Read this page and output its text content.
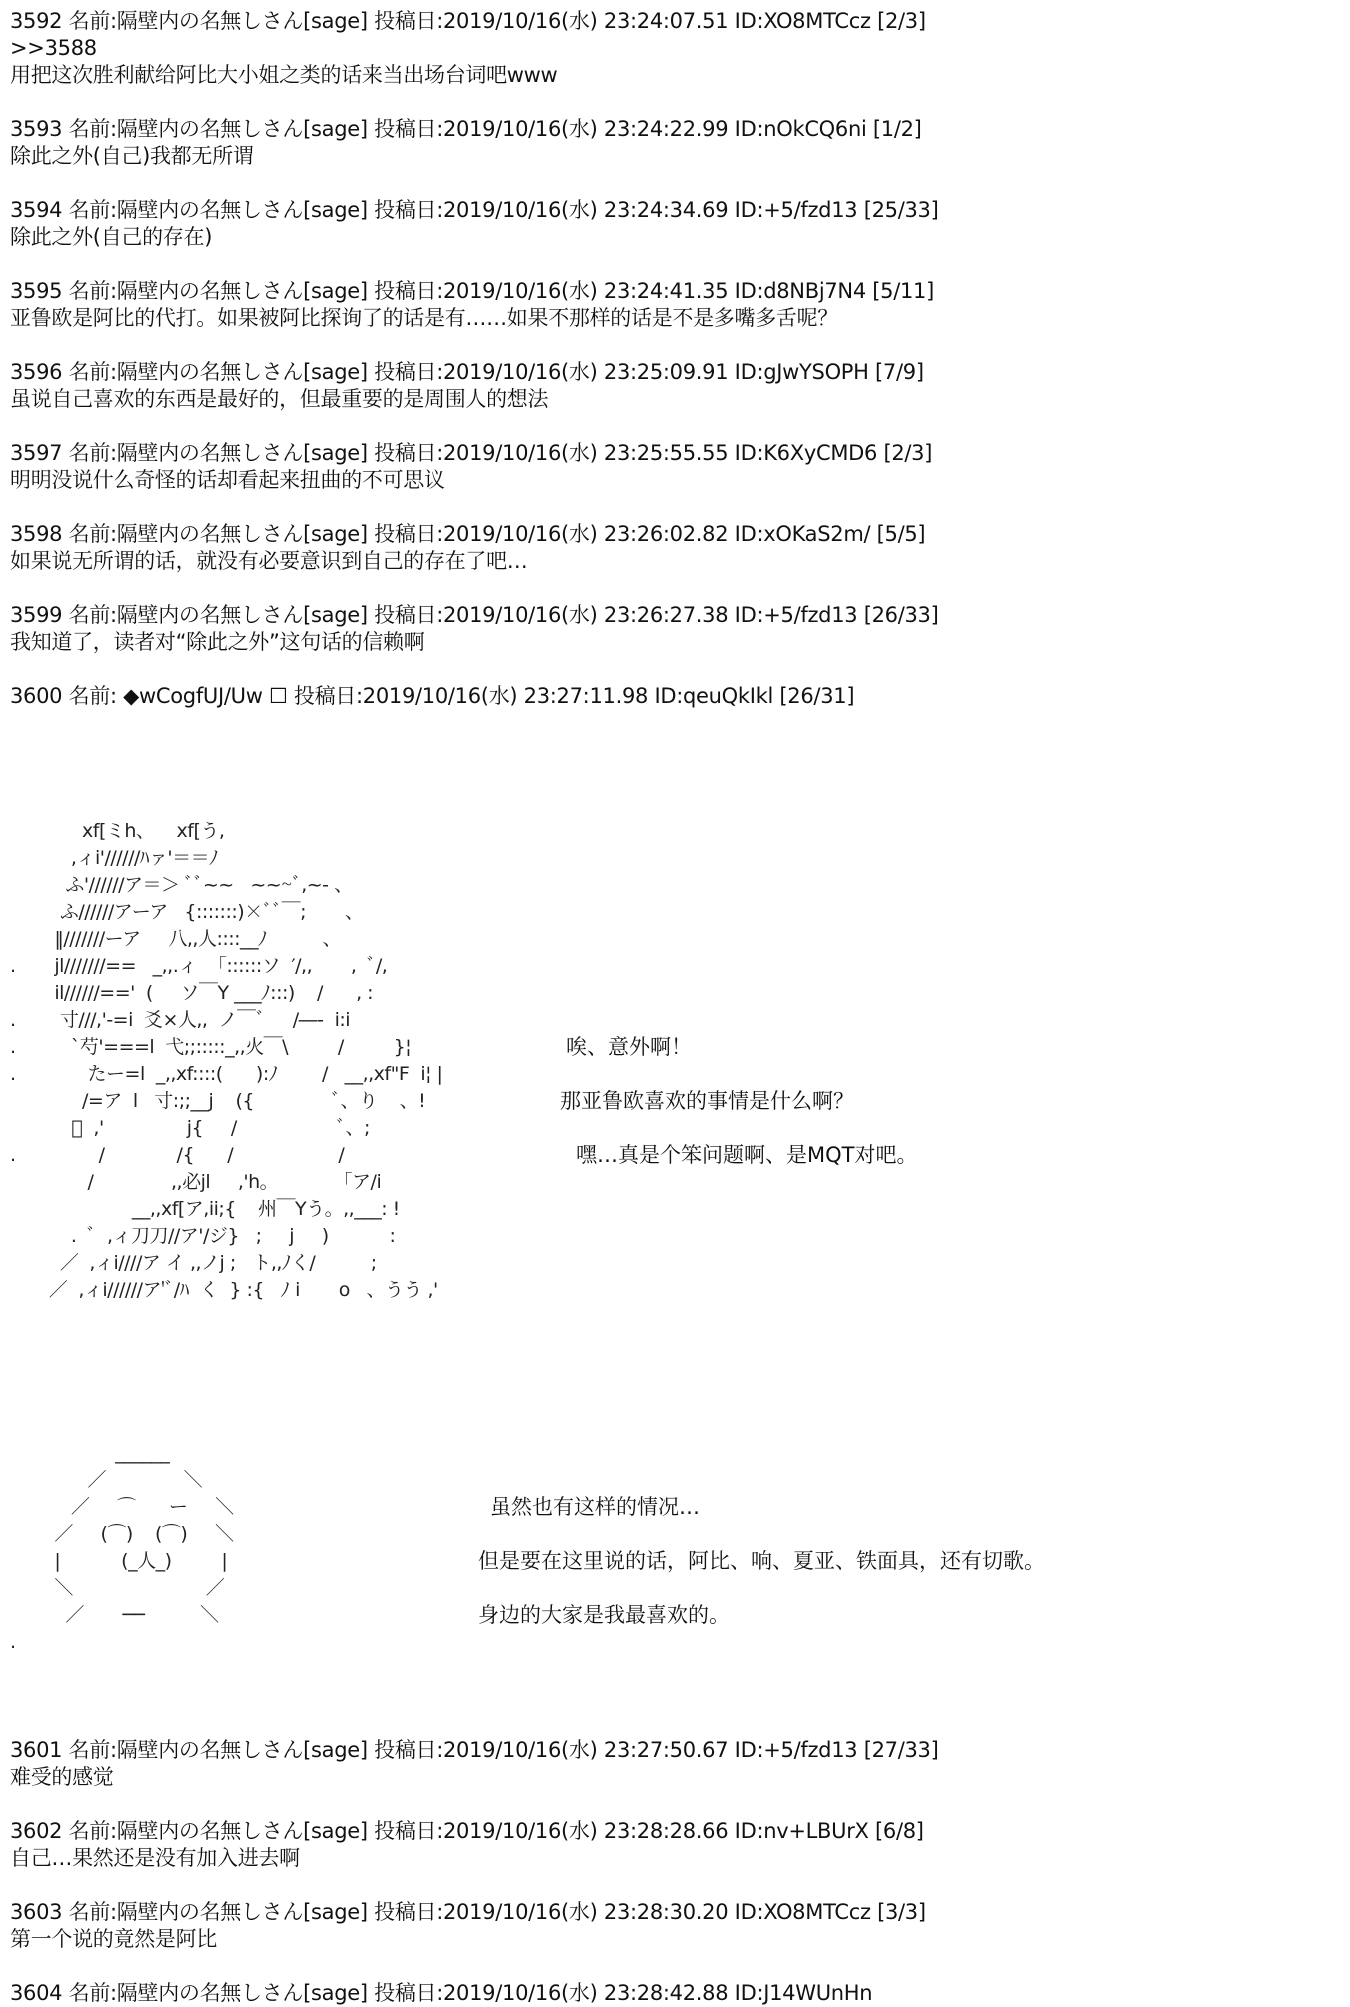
3592 名前:隔壁内の名無しさん[sage] 投稿日:2019/10/16(水) 23:24:07.51 ID:XO8MTCcz [2/3]
>>3588
用把这次胜利献给阿比大小姐之类的话来当出场台词吧www
3593 名前:隔壁内の名無しさん[sage] 投稿日:2019/10/16(水) 23:24:22.99 ID:nOkCQ6ni [1/2]
除此之外(自己)我都无所谓
3594 名前:隔壁内の名無しさん[sage] 投稿日:2019/10/16(水) 23:24:34.69 ID:+5/fzd13 [25/33]
除此之外(自己的存在)
3595 名前:隔壁内の名無しさん[sage] 投稿日:2019/10/16(水) 23:24:41.35 ID:d8NBj7N4 [5/11]
亚鲁欧是阿比的代打。如果被阿比探询了的话是有……如果不那样的话是不是多嘴多舌呢？
3596 名前:隔壁内の名無しさん[sage] 投稿日:2019/10/16(水) 23:25:09.91 ID:gJwYSOPH [7/9]
虽说自己喜欢的东西是最好的，但最重要的是周围人的想法
3597 名前:隔壁内の名無しさん[sage] 投稿日:2019/10/16(水) 23:25:55.55 ID:K6XyCMD6 [2/3]
明明没说什么奇怪的话却看起来扭曲的不可思议
3598 名前:隔壁内の名無しさん[sage] 投稿日:2019/10/16(水) 23:26:02.82 ID:xOKaS2m/ [5/5]
如果说无所谓的话，就没有必要意识到自己的存在了吧…
3599 名前:隔壁内の名無しさん[sage] 投稿日:2019/10/16(水) 23:26:27.38 ID:+5/fzd13 [26/33]
我知道了，读者对“除此之外”这句话的信赖啊
3600 名前: ◆wCogfUJ/Uw ☐ 投稿日:2019/10/16(水) 23:27:11.98 ID:qeuQkIkl [26/31]
xf[ミh、    xf[う,
,ィi'//////ﾊァ'＝＝ﾉ
ふ'//////ア＝＞ ﾞﾞ~~   ~~~ﾞ,~‐ 、
ふ//////アーア   {:::::::)×ﾞﾞ￣;       、
‖///////ーア     八,,人::::__ﾉ          、
.       jl///////==   _,,.ィ  「::::::ソ  ′/,,       ,  ﾞ/,
il//////=='  (     ソ￣Y ___ﾉ:::)    /      , :
.        寸///,'‐=i  爻×人,,  ノ￣ﾞ     /―‐  i:i
.          `芍'===l  弋;;:::::_,,火￣\         /         }¦
.             たー=l  _,,xf::::(      ):ﾉ        /   __,,xf"F  i¦ |
/=ア  l   寸:;;__j    ({              ﾞ、り    、!
ﾞ  ,'               j{     /                  ﾞ、;
.               /             /{      /                   /
/              ,,必jl     ,'h。          「ア/i
__,,xf[ア,ii;{    州￣Yう。,,___: !
.  ﾞ  ,ィ刀刀//ア'/ジ}   ;     j     )           :
／  ,ィi////ア イ ,,ノj ;   ト,,ﾉく/          ;
／  ,ィi//////ア'ﾞ/ﾊ  く  } :{   ﾉ i       o   、うう ,'
唉、意外啊！
那亚鲁欧喜欢的事情是什么啊？
嘿…真是个笨问题啊、是MQT对吧。
______
／              ＼
／     ⌒      ー     ＼
／     (⌒)    (⌒)     ＼
|           (_人_)         |
＼                        ／
／       ──          ＼
.
虽然也有这样的情况…
但是要在这里说的话，阿比、响、夏亚、铁面具，还有切歌。
身边的大家是我最喜欢的。
3601 名前:隔壁内の名無しさん[sage] 投稿日:2019/10/16(水) 23:27:50.67 ID:+5/fzd13 [27/33]
难受的感觉
3602 名前:隔壁内の名無しさん[sage] 投稿日:2019/10/16(水) 23:28:28.66 ID:nv+LBUrX [6/8]
自己…果然还是没有加入进去啊
3603 名前:隔壁内の名無しさん[sage] 投稿日:2019/10/16(水) 23:28:30.20 ID:XO8MTCcz [3/3]
第一个说的竟然是阿比
3604 名前:隔壁内の名無しさん[sage] 投稿日:2019/10/16(水) 23:28:42.88 ID:J14WUnHn
